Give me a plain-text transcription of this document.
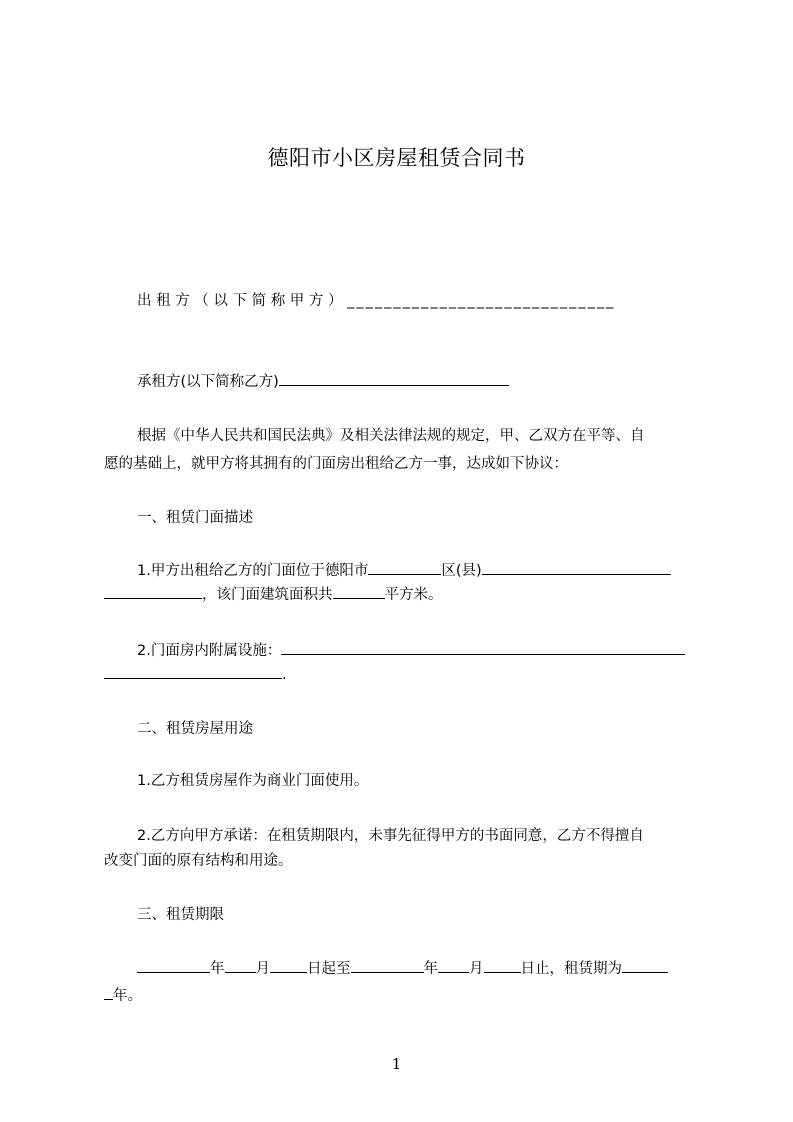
德阳市小区房屋租赁合同书
出租方（以下简称甲方）_____________________________
承租方(以下简称乙方)
根据《中华人民共和国民法典》及相关法律法规的规定，甲、乙双方在平等、自
愿的基础上，就甲方将其拥有的门面房出租给乙方一事，达成如下协议：
一、租赁门面描述
1.甲方出租给乙方的门面位于德阳市	区(县)
，该门面建筑面积共	平方米。
2.门面房内附属设施：
.
二、租赁房屋用途
1.乙方租赁房屋作为商业门面使用。
2.乙方向甲方承诺：在租赁期限内，未事先征得甲方的书面同意，乙方不得擅自
改变门面的原有结构和用途。
三、租赁期限
年 月	日起至	年 月	日止，租赁期为
年。
1
